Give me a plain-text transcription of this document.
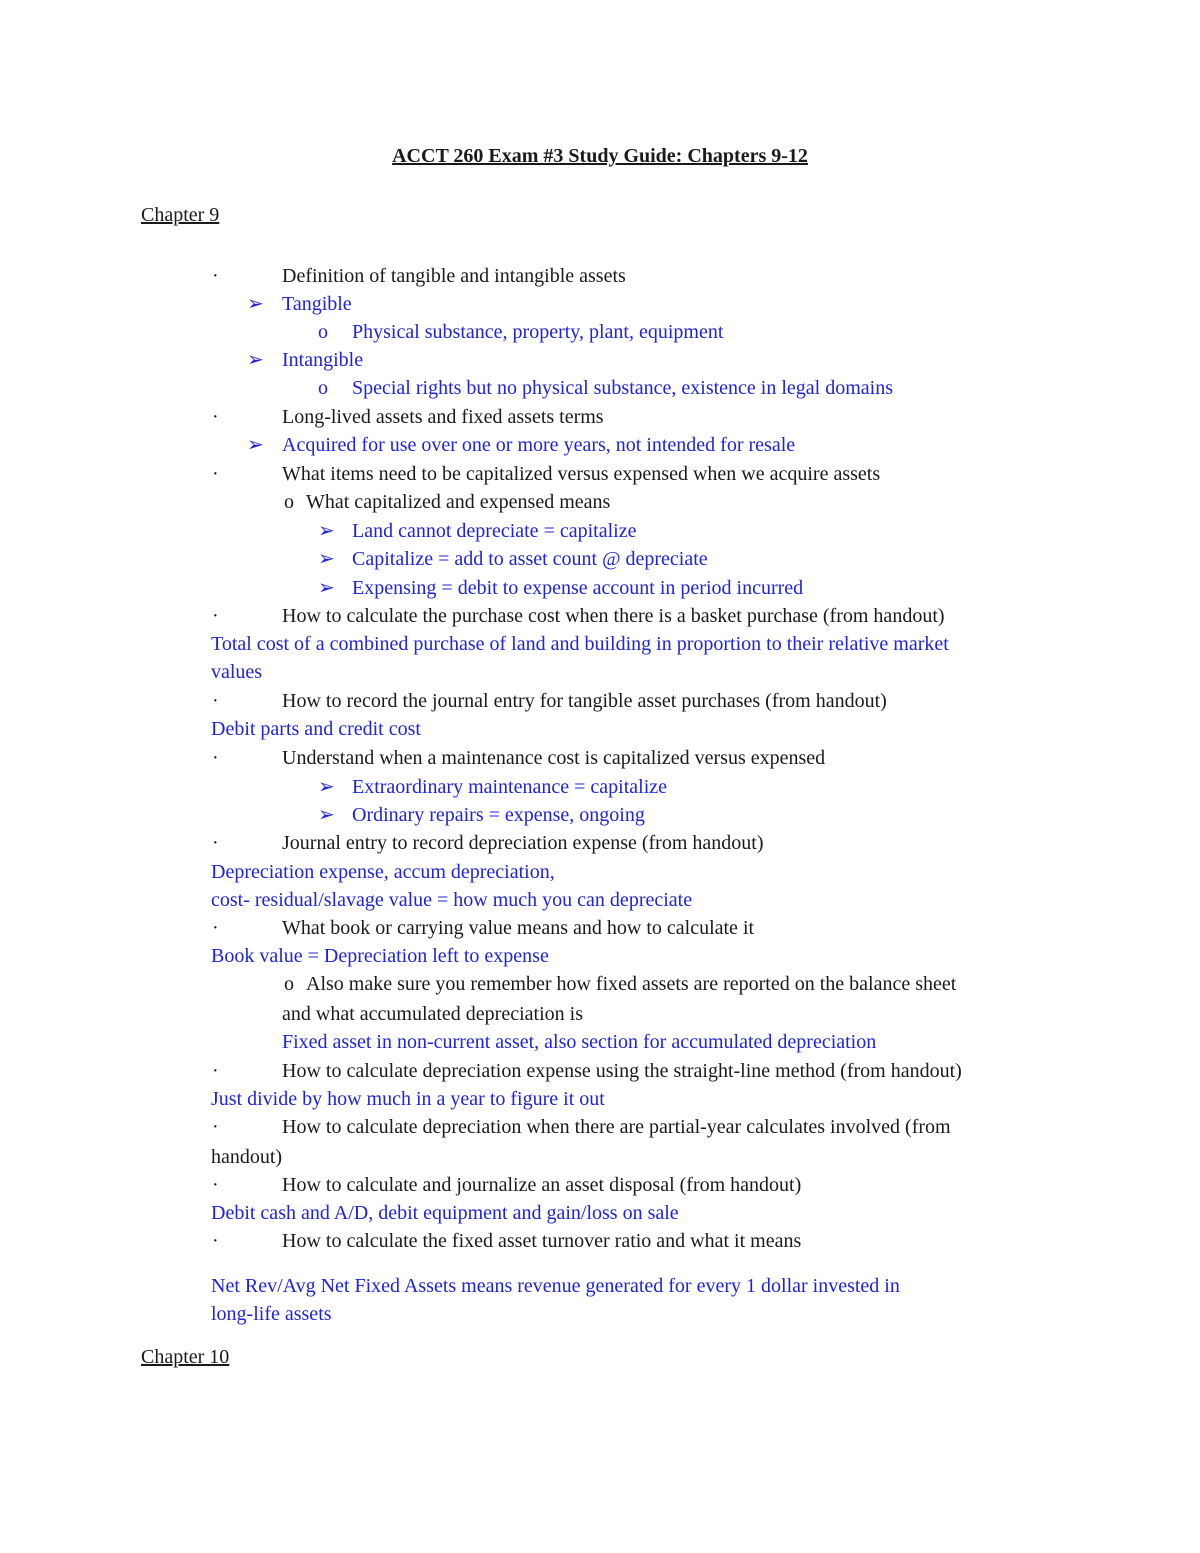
ACCT 260 Exam #3 Study Guide: Chapters 9-12
Chapter 9
·	Definition of tangible and intangible assets
➢ Tangible
o Physical substance, property, plant, equipment
➢ Intangible
o Special rights but no physical substance, existence in legal domains
·	Long-lived assets and fixed assets terms
➢ Acquired for use over one or more years, not intended for resale
·	What items need to be capitalized versus expensed when we acquire assets
o What capitalized and expensed means
➢ Land cannot depreciate = capitalize
➢ Capitalize = add to asset count @ depreciate
➢ Expensing = debit to expense account in period incurred
·	How to calculate the purchase cost when there is a basket purchase (from handout)
Total cost of a combined purchase of land and building in proportion to their relative market
values
·	How to record the journal entry for tangible asset purchases (from handout)
Debit parts and credit cost
·	Understand when a maintenance cost is capitalized versus expensed
➢ Extraordinary maintenance = capitalize
➢ Ordinary repairs = expense, ongoing
·	Journal entry to record depreciation expense (from handout)
Depreciation expense, accum depreciation,
cost- residual/slavage value = how much you can depreciate
·	What book or carrying value means and how to calculate it
Book value = Depreciation left to expense
o Also make sure you remember how fixed assets are reported on the balance sheet
and what accumulated depreciation is
Fixed asset in non-current asset, also section for accumulated depreciation
·	How to calculate depreciation expense using the straight-line method (from handout)
Just divide by how much in a year to figure it out
·	How to calculate depreciation when there are partial-year calculates involved (from
handout)
·	How to calculate and journalize an asset disposal (from handout)
Debit cash and A/D, debit equipment and gain/loss on sale
·	How to calculate the fixed asset turnover ratio and what it means
Net Rev/Avg Net Fixed Assets means revenue generated for every 1 dollar invested in
long-life assets
Chapter 10
